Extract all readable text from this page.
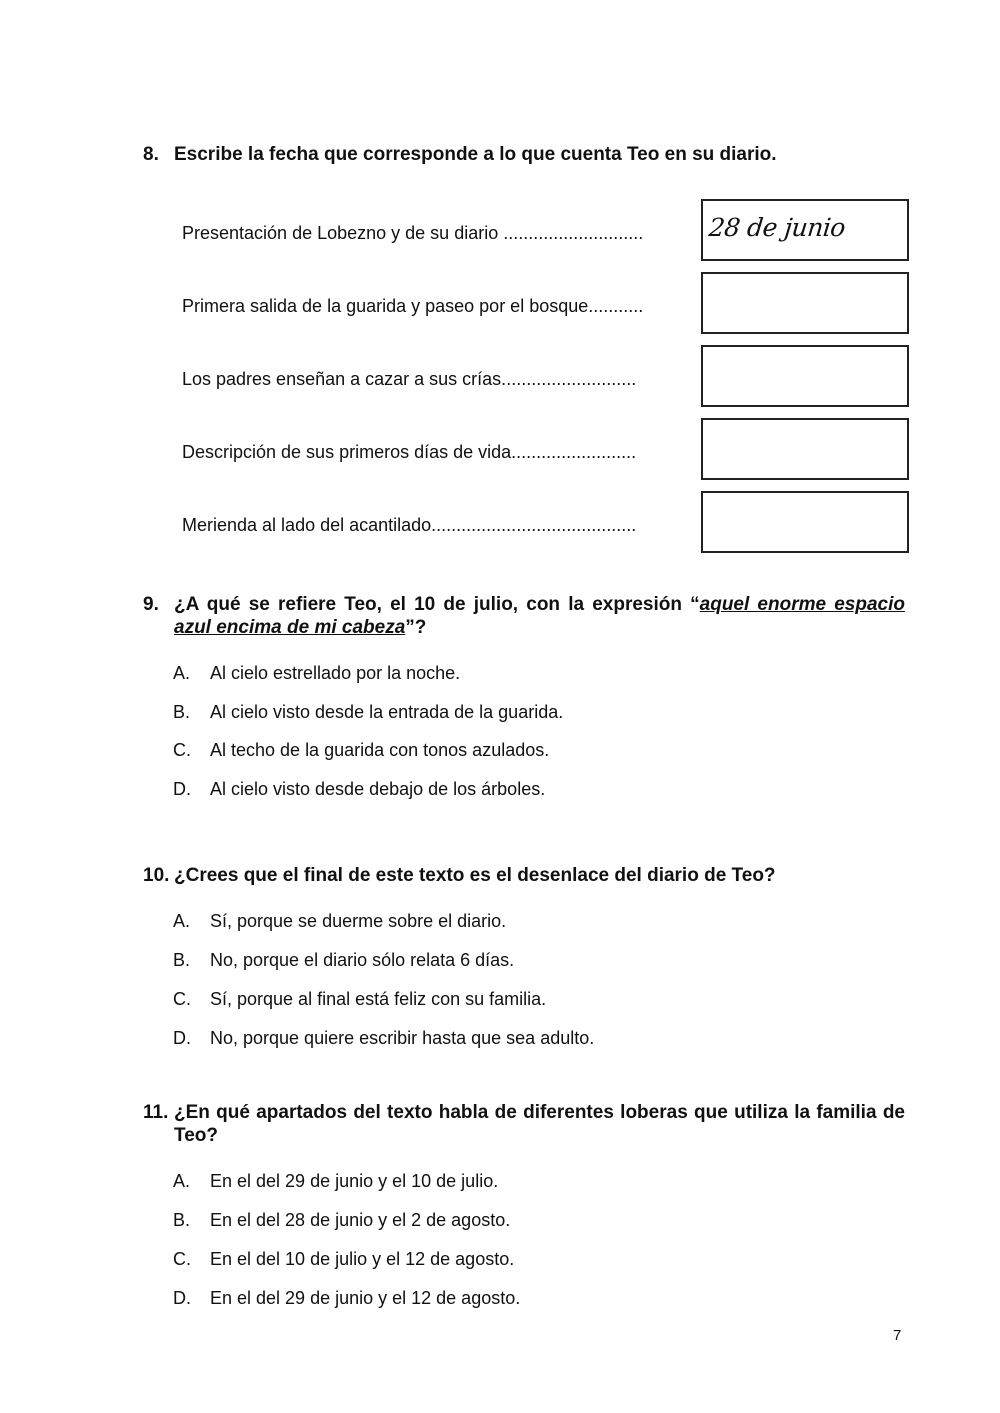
8. Escribe la fecha que corresponde a lo que cuenta Teo en su diario.
Presentación de Lobezno y de su diario ............................	28 de junio
Primera salida de la guarida y paseo por el bosque...........
Los padres enseñan a cazar a sus crías...........................
Descripción de sus primeros días de vida.........................
Merienda al lado del acantilado.........................................
9. ¿A qué se refiere Teo, el 10 de julio, con la expresión “aquel enorme espacio azul encima de mi cabeza”?
A. Al cielo estrellado por la noche.
B. Al cielo visto desde la entrada de la guarida.
C. Al techo de la guarida con tonos azulados.
D. Al cielo visto desde debajo de los árboles.
10. ¿Crees que el final de este texto es el desenlace del diario de Teo?
A. Sí, porque se duerme sobre el diario.
B. No, porque el diario sólo relata 6 días.
C. Sí, porque al final está feliz con su familia.
D. No, porque quiere escribir hasta que sea adulto.
11. ¿En qué apartados del texto habla de diferentes loberas que utiliza la familia de Teo?
A. En el del 29 de junio y el 10 de julio.
B. En el del 28 de junio y el 2 de agosto.
C. En el del 10 de julio y el 12 de agosto.
D. En el del 29 de junio y el 12 de agosto.
7
